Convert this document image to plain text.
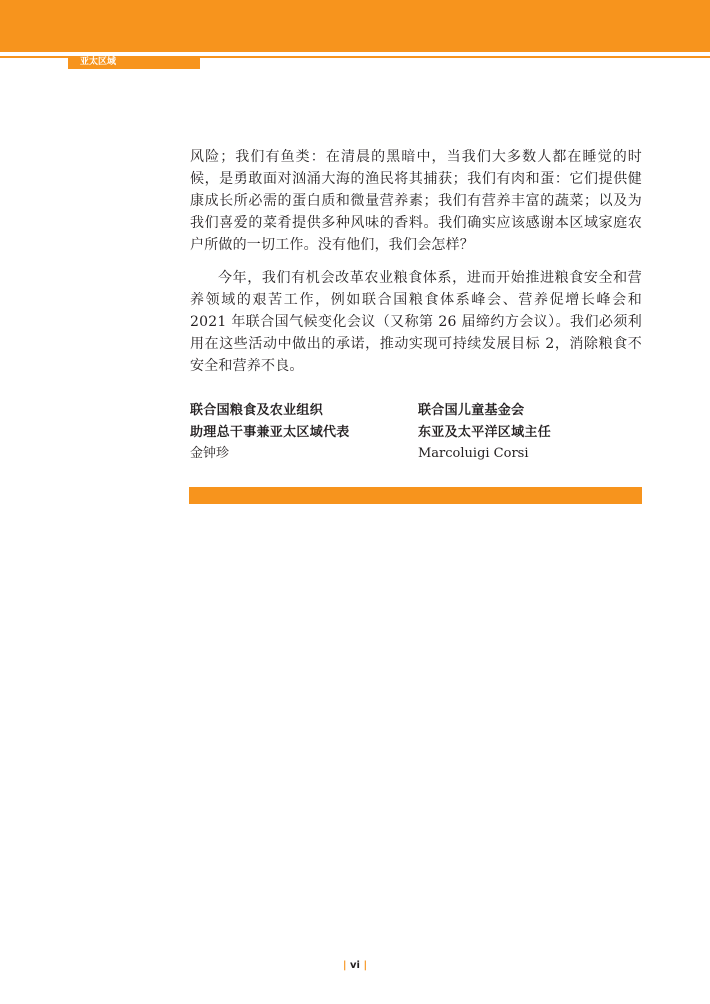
亚太区域

风险；我们有鱼类：在清晨的黑暗中，当我们大多数人都在睡觉的时候，是勇敢面对汹涌大海的渔民将其捕获；我们有肉和蛋：它们提供健康成长所必需的蛋白质和微量营养素；我们有营养丰富的蔬菜；以及为我们喜爱的菜肴提供多种风味的香料。我们确实应该感谢本区域家庭农户所做的一切工作。没有他们，我们会怎样？

今年，我们有机会改革农业粮食体系，进而开始推进粮食安全和营养领域的艰苦工作，例如联合国粮食体系峰会、营养促增长峰会和 2021 年联合国气候变化会议（又称第 26 届缔约方会议）。我们必须利用在这些活动中做出的承诺，推动实现可持续发展目标 2，消除粮食不安全和营养不良。

联合国粮食及农业组织
助理总干事兼亚太区域代表
金钟珍
联合国儿童基金会
东亚及太平洋区域主任
Marcoluigi Corsi
| vi |
